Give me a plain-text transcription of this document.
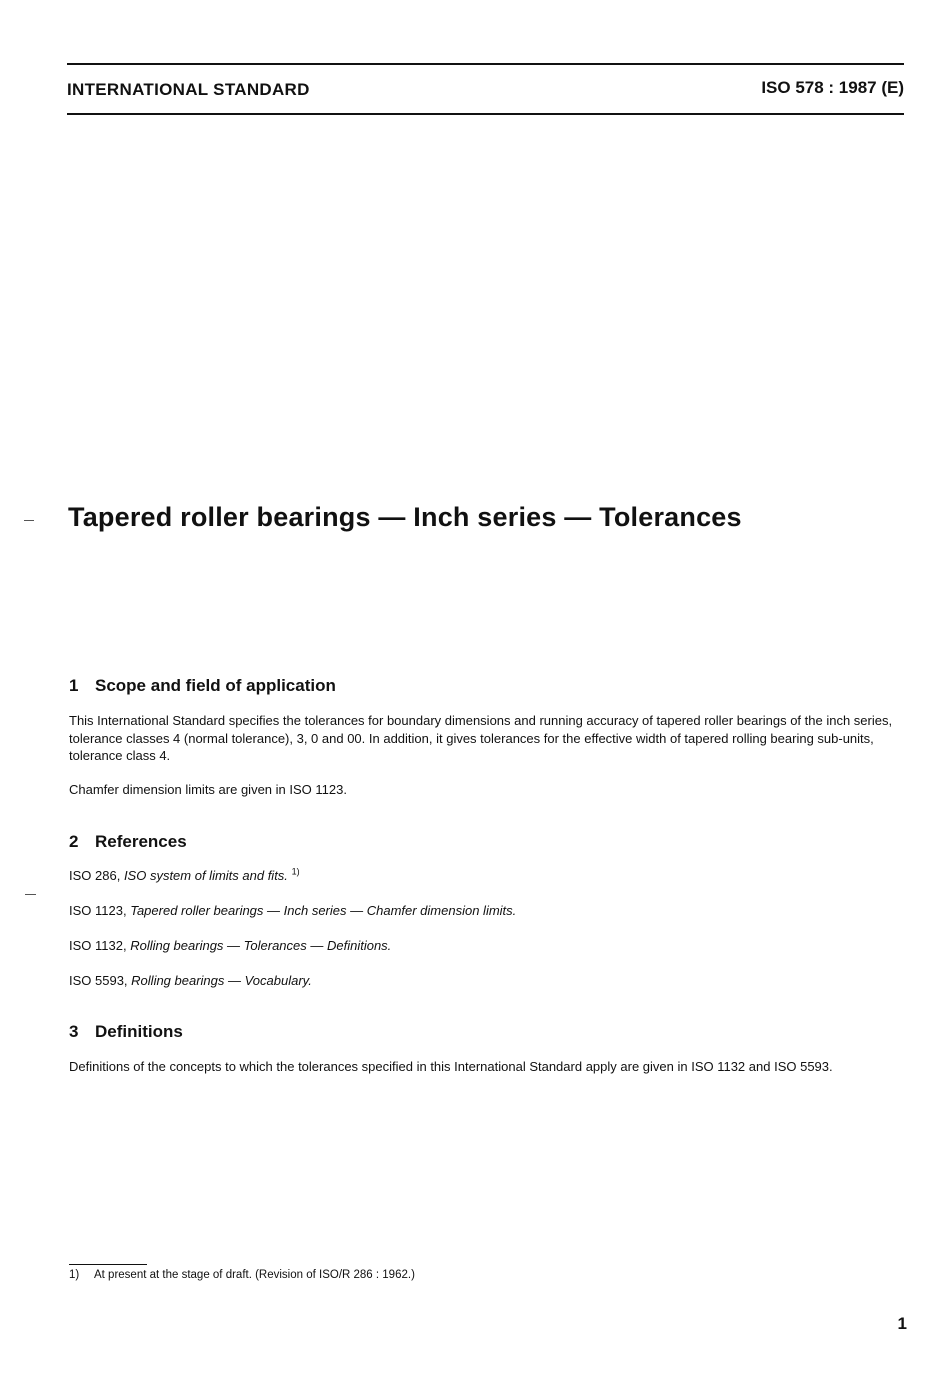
INTERNATIONAL STANDARD	ISO 578 : 1987 (E)
Tapered roller bearings — Inch series — Tolerances
1 Scope and field of application

This International Standard specifies the tolerances for boundary dimensions and running accuracy of tapered roller bearings of the inch series, tolerance classes 4 (normal tolerance), 3, 0 and 00. In addition, it gives tolerances for the effective width of tapered rolling bearing sub-units, tolerance class 4.

Chamfer dimension limits are given in ISO 1123.

2 References

ISO 286, ISO system of limits and fits. $^{1)}$

ISO 1123, Tapered roller bearings — Inch series — Chamfer dimension limits.

ISO 1132, Rolling bearings — Tolerances — Definitions.

ISO 5593, Rolling bearings — Vocabulary.

3 Definitions

Definitions of the concepts to which the tolerances specified in this International Standard apply are given in ISO 1132 and ISO 5593.

1) At present at the stage of draft. (Revision of ISO/R 286 : 1962.)
1
